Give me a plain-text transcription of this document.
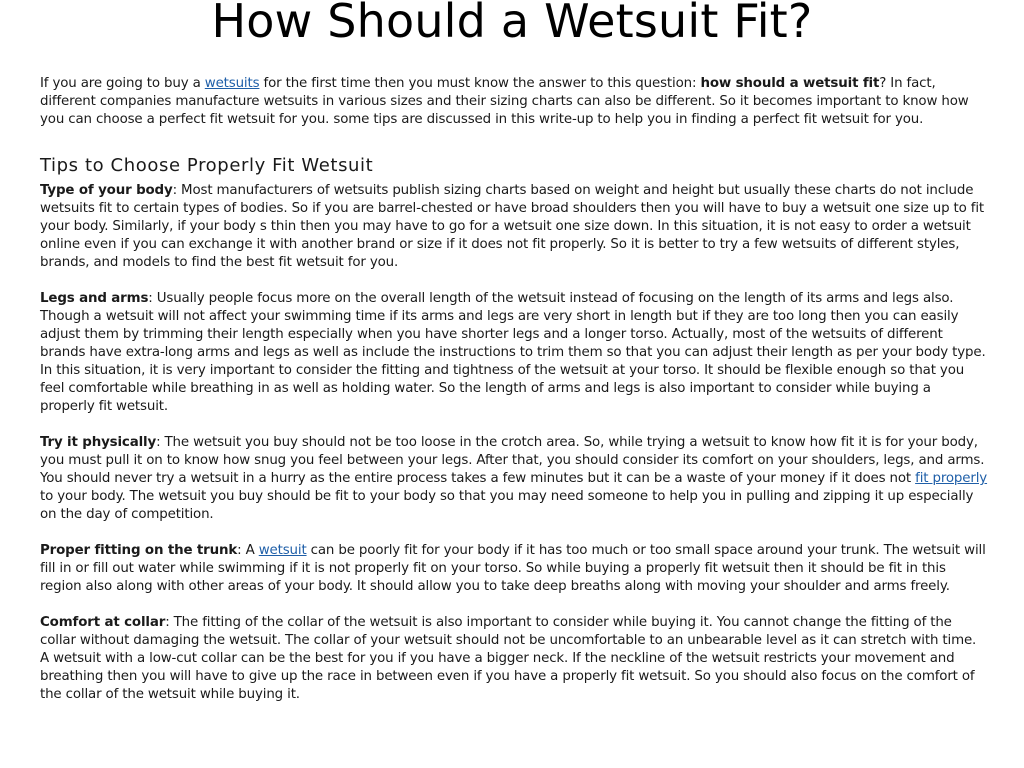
How Should a Wetsuit Fit?

If you are going to buy a wetsuits for the first time then you must know the answer to this question: how should a wetsuit fit? In fact, different companies manufacture wetsuits in various sizes and their sizing charts can also be different. So it becomes important to know how you can choose a perfect fit wetsuit for you. some tips are discussed in this write-up to help you in finding a perfect fit wetsuit for you.

Tips to Choose Properly Fit Wetsuit

Type of your body: Most manufacturers of wetsuits publish sizing charts based on weight and height but usually these charts do not include wetsuits fit to certain types of bodies. So if you are barrel-chested or have broad shoulders then you will have to buy a wetsuit one size up to fit your body. Similarly, if your body s thin then you may have to go for a wetsuit one size down. In this situation, it is not easy to order a wetsuit online even if you can exchange it with another brand or size if it does not fit properly. So it is better to try a few wetsuits of different styles, brands, and models to find the best fit wetsuit for you.

Legs and arms: Usually people focus more on the overall length of the wetsuit instead of focusing on the length of its arms and legs also. Though a wetsuit will not affect your swimming time if its arms and legs are very short in length but if they are too long then you can easily adjust them by trimming their length especially when you have shorter legs and a longer torso. Actually, most of the wetsuits of different brands have extra-long arms and legs as well as include the instructions to trim them so that you can adjust their length as per your body type. In this situation, it is very important to consider the fitting and tightness of the wetsuit at your torso. It should be flexible enough so that you feel comfortable while breathing in as well as holding water. So the length of arms and legs is also important to consider while buying a properly fit wetsuit.

Try it physically: The wetsuit you buy should not be too loose in the crotch area. So, while trying a wetsuit to know how fit it is for your body, you must pull it on to know how snug you feel between your legs. After that, you should consider its comfort on your shoulders, legs, and arms. You should never try a wetsuit in a hurry as the entire process takes a few minutes but it can be a waste of your money if it does not fit properly to your body. The wetsuit you buy should be fit to your body so that you may need someone to help you in pulling and zipping it up especially on the day of competition.

Proper fitting on the trunk: A wetsuit can be poorly fit for your body if it has too much or too small space around your trunk. The wetsuit will fill in or fill out water while swimming if it is not properly fit on your torso. So while buying a properly fit wetsuit then it should be fit in this region also along with other areas of your body. It should allow you to take deep breaths along with moving your shoulder and arms freely.

Comfort at collar: The fitting of the collar of the wetsuit is also important to consider while buying it. You cannot change the fitting of the collar without damaging the wetsuit. The collar of your wetsuit should not be uncomfortable to an unbearable level as it can stretch with time. A wetsuit with a low-cut collar can be the best for you if you have a bigger neck. If the neckline of the wetsuit restricts your movement and breathing then you will have to give up the race in between even if you have a properly fit wetsuit. So you should also focus on the comfort of the collar of the wetsuit while buying it.
